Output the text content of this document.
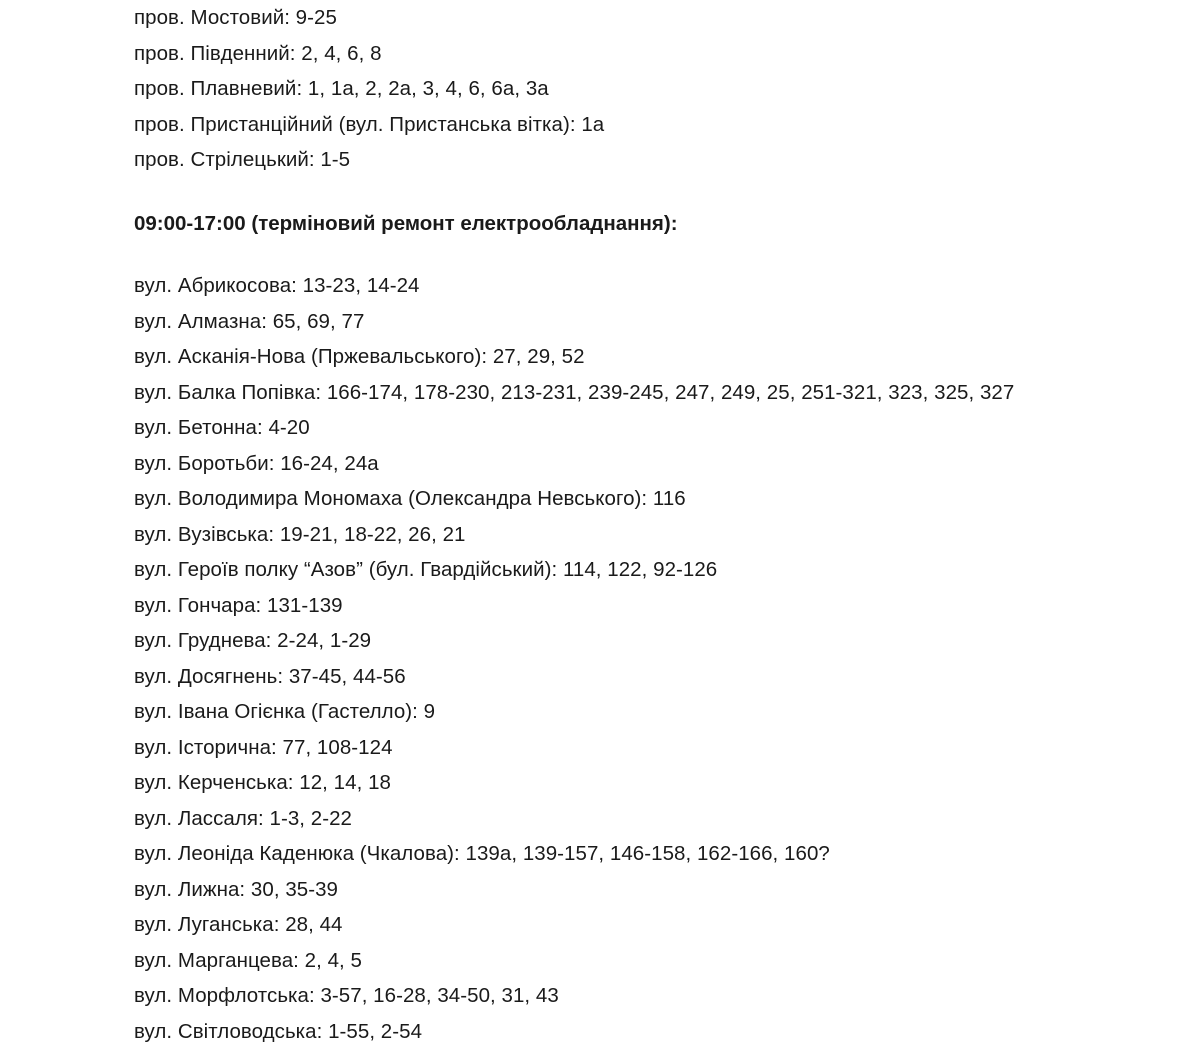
пров. Мостовий: 9-25
пров. Південний: 2, 4, 6, 8
пров. Плавневий: 1, 1а, 2, 2а, 3, 4, 6, 6а, 3а
пров. Пристанційний (вул. Пристанська вітка): 1а
пров. Стрілецький: 1-5
09:00-17:00 (терміновий ремонт електрообладнання):
вул. Абрикосова: 13-23, 14-24
вул. Алмазна: 65, 69, 77
вул. Асканія-Нова (Пржевальського): 27, 29, 52
вул. Балка Попівка: 166-174, 178-230, 213-231, 239-245, 247, 249, 25, 251-321, 323, 325, 327
вул. Бетонна: 4-20
вул. Боротьби: 16-24, 24а
вул. Володимира Мономаха (Олександра Невського): 116
вул. Вузівська: 19-21, 18-22, 26, 21
вул. Героїв полку “Азов” (бул. Гвардійський): 114, 122, 92-126
вул. Гончара: 131-139
вул. Груднева: 2-24, 1-29
вул. Досягнень: 37-45, 44-56
вул. Івана Огієнка (Гастелло): 9
вул. Історична: 77, 108-124
вул. Керченська: 12, 14, 18
вул. Лассаля: 1-3, 2-22
вул. Леоніда Каденюка (Чкалова): 139а, 139-157, 146-158, 162-166, 160?
вул. Лижна: 30, 35-39
вул. Луганська: 28, 44
вул. Марганцева: 2, 4, 5
вул. Морфлотська: 3-57, 16-28, 34-50, 31, 43
вул. Світловодська: 1-55, 2-54
